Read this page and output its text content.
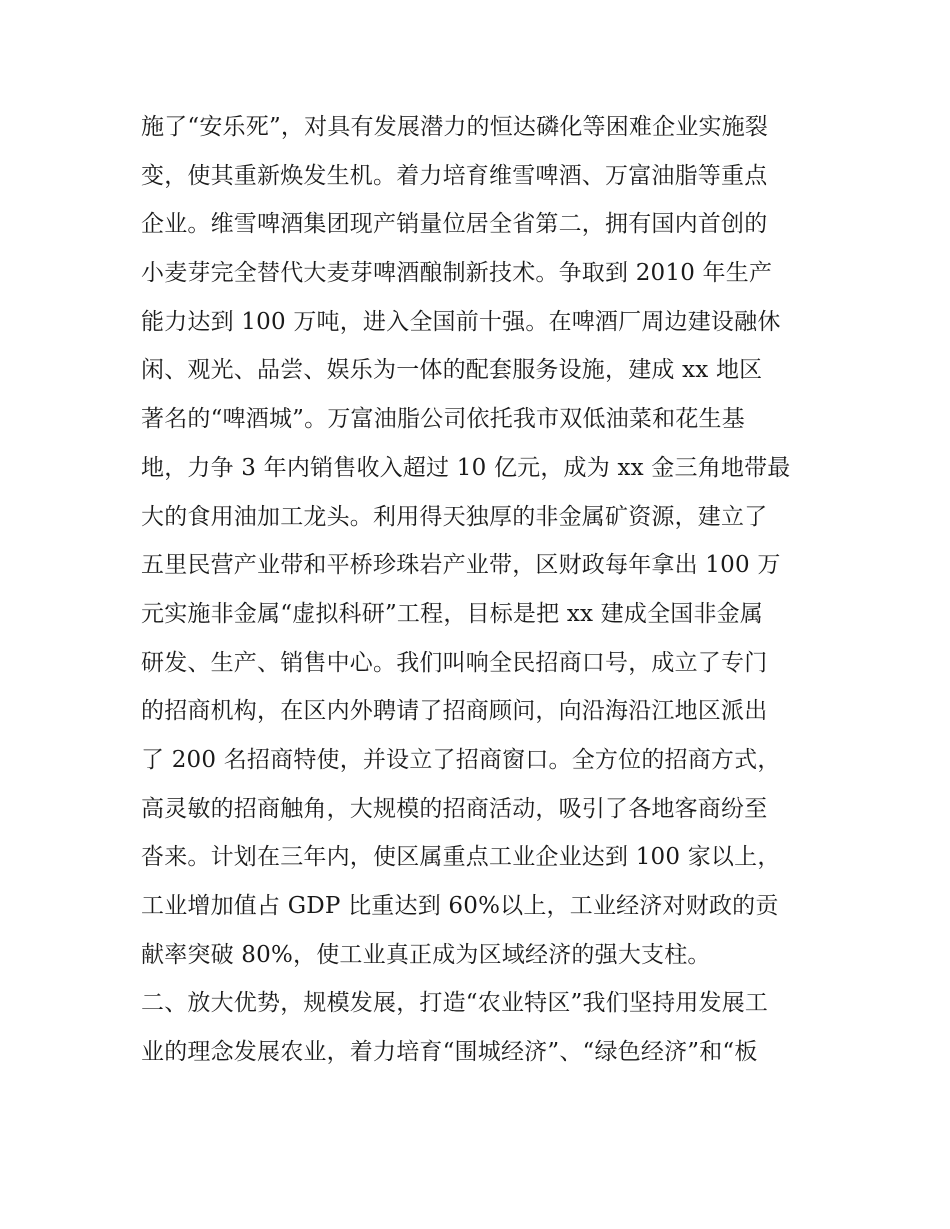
施了“安乐死”，对具有发展潜力的恒达磷化等困难企业实施裂
变，使其重新焕发生机。着力培育维雪啤酒、万富油脂等重点
企业。维雪啤酒集团现产销量位居全省第二，拥有国内首创的
小麦芽完全替代大麦芽啤酒酿制新技术。争取到 2010 年生产
能力达到 100 万吨，进入全国前十强。在啤酒厂周边建设融休
闲、观光、品尝、娱乐为一体的配套服务设施，建成 xx 地区
著名的“啤酒城”。万富油脂公司依托我市双低油菜和花生基
地，力争 3 年内销售收入超过 10 亿元，成为 xx 金三角地带最
大的食用油加工龙头。利用得天独厚的非金属矿资源，建立了
五里民营产业带和平桥珍珠岩产业带，区财政每年拿出 100 万
元实施非金属“虚拟科研”工程，目标是把 xx 建成全国非金属
研发、生产、销售中心。我们叫响全民招商口号，成立了专门
的招商机构，在区内外聘请了招商顾问，向沿海沿江地区派出
了 200 名招商特使，并设立了招商窗口。全方位的招商方式，
高灵敏的招商触角，大规模的招商活动，吸引了各地客商纷至
沓来。计划在三年内，使区属重点工业企业达到 100 家以上，
工业增加值占 GDP 比重达到 60%以上，工业经济对财政的贡
献率突破 80%，使工业真正成为区域经济的强大支柱。
二、放大优势，规模发展，打造“农业特区”我们坚持用发展工
业的理念发展农业，着力培育“围城经济”、“绿色经济”和“板
